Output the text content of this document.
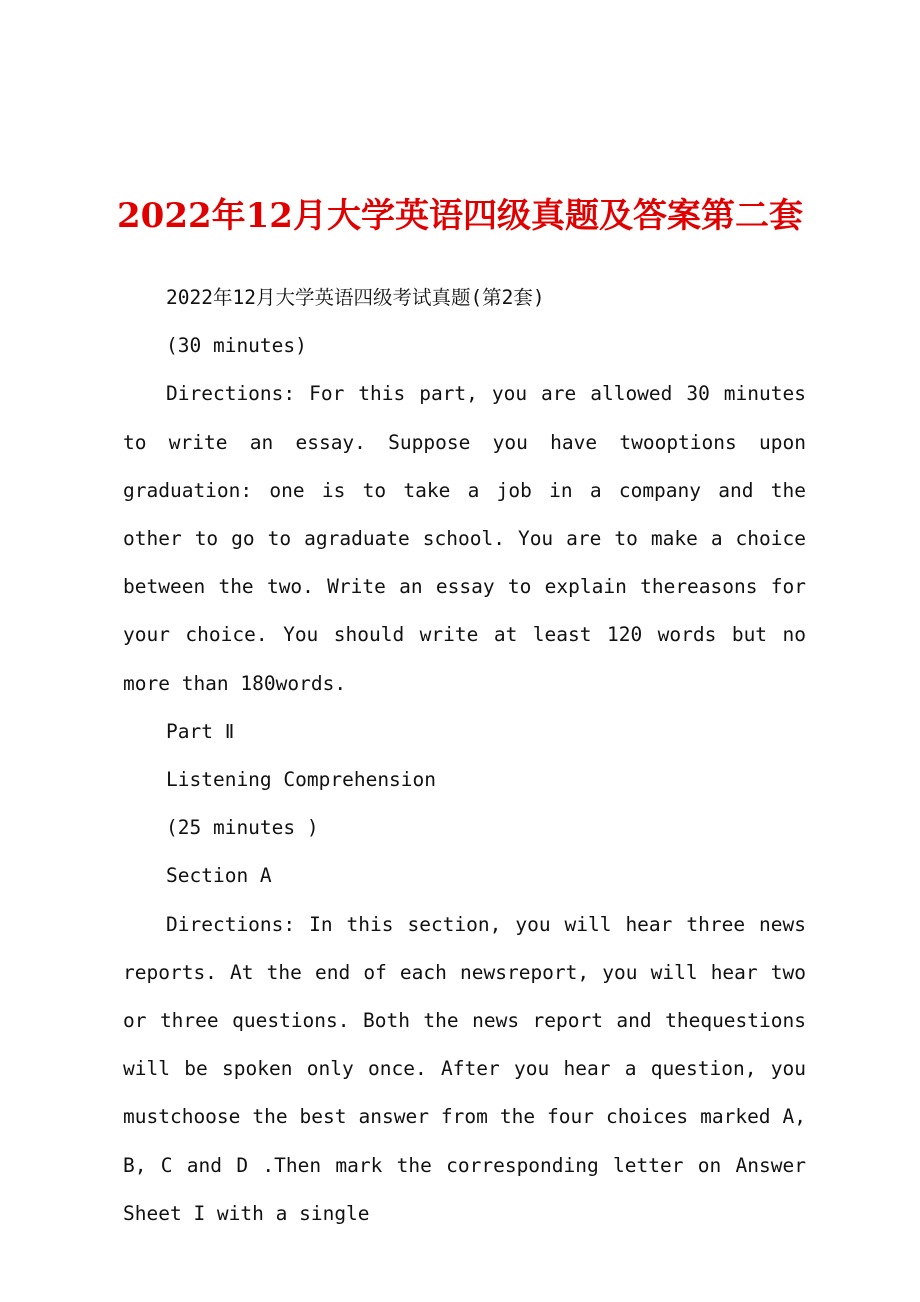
2022年12月大学英语四级真题及答案第二套

2022年12月大学英语四级考试真题(第2套)

(30 minutes)

Directions: For this part, you are allowed 30 minutes to write an essay. Suppose you have twooptions upon graduation: one is to take a job in a company and the other to go to agraduate school. You are to make a choice between the two. Write an essay to explain thereasons for your choice. You should write at least 120 words but no more than 180words.

Part Ⅱ

Listening Comprehension

(25 minutes )

Section A

Directions: In this section, you will hear three news reports. At the end of each newsreport, you will hear two or three questions. Both the news report and thequestions will be spoken only once. After you hear a question, you mustchoose the best answer from the four choices marked A, B, C and D .Then mark the corresponding letter on Answer Sheet I with a single
